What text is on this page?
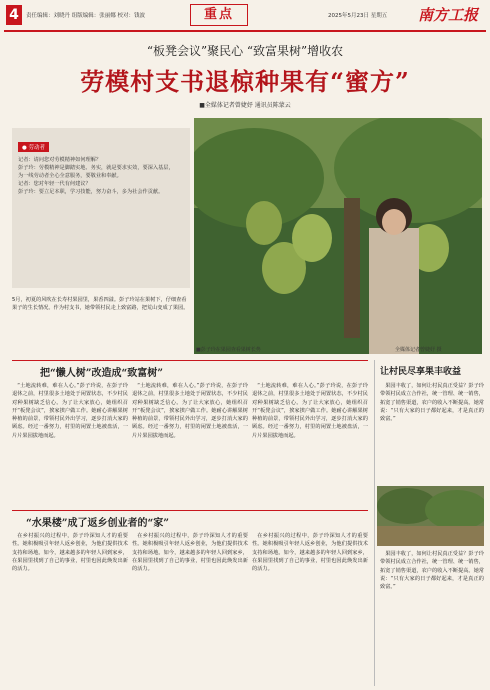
4	责任编辑：刘晓丹 组版编辑：张丽娜 校对：钱波	重点	2025年5月23日 星期五 南方工报
“板凳会议”聚民心 “致富果树”增收农
劳模村支书退椋种果有“蜜方”
■全媒体记者曾婕妤 通讯员陈蒙云
● 劳动者

记者：请问您对劳模精神如何理解？

彭子玲：劳模精神是脚踏实地、务实，就是要求实效，要深入基层，

为一线劳动者全心全意服务，要敬业和奉献。

记者：您对年轻一代有何建议？

彭子玲：要立足本职，学习技能，努力奋斗，多为社会作贡献。

■彭子玲在果园查看果树长势	全媒体记者曾婕妤 摄
5月，初夏的风吹在长寿村果园里，果香四溢。彭子玲站在果树下，仔细查看果子的生长情况。作为村支书，她带领村民走上致富路，把荒山变成了果园。
把“懒人树”改造成“致富树”

“土地流转难，难在人心。”彭子玲说，在彭子玲退休之前，村里很多土地处于闲置状态，不少村民对种果树缺乏信心。为了让大家放心，她组织召开“板凳会议”，挨家挨户做工作。她耐心讲解果树种植的前景，带领村民外出学习，逐步打消大家的顾虑。经过一番努力，村里的闲置土地被盘活，一片片果园拔地而起。

“土地流转难，难在人心。”彭子玲说，在彭子玲退休之前，村里很多土地处于闲置状态，不少村民对种果树缺乏信心。为了让大家放心，她组织召开“板凳会议”，挨家挨户做工作。她耐心讲解果树种植的前景，带领村民外出学习，逐步打消大家的顾虑。经过一番努力，村里的闲置土地被盘活，一片片果园拔地而起。

“土地流转难，难在人心。”彭子玲说，在彭子玲退休之前，村里很多土地处于闲置状态，不少村民对种果树缺乏信心。为了让大家放心，她组织召开“板凳会议”，挨家挨户做工作。她耐心讲解果树种植的前景，带领村民外出学习，逐步打消大家的顾虑。经过一番努力，村里的闲置土地被盘活，一片片果园拔地而起。

“水果楼”成了返乡创业者的“家”

在乡村振兴的过程中，彭子玲深知人才的重要性。她积极吸引年轻人返乡创业，为他们提供技术支持和场地。如今，越来越多的年轻人回到家乡，在果园里找到了自己的事业，村里也因此焕发出新的活力。

在乡村振兴的过程中，彭子玲深知人才的重要性。她积极吸引年轻人返乡创业，为他们提供技术支持和场地。如今，越来越多的年轻人回到家乡，在果园里找到了自己的事业，村里也因此焕发出新的活力。

在乡村振兴的过程中，彭子玲深知人才的重要性。她积极吸引年轻人返乡创业，为他们提供技术支持和场地。如今，越来越多的年轻人回到家乡，在果园里找到了自己的事业，村里也因此焕发出新的活力。

让村民尽享果丰收益

果园丰收了，如何让村民真正受益？彭子玲带领村民成立合作社，统一管理、统一销售，拓宽了销售渠道，农户的收入不断提高。她常说：“只有大家的日子都好起来，才是真正的致富。”

果园丰收了，如何让村民真正受益？彭子玲带领村民成立合作社，统一管理、统一销售，拓宽了销售渠道，农户的收入不断提高。她常说：“只有大家的日子都好起来，才是真正的致富。”
